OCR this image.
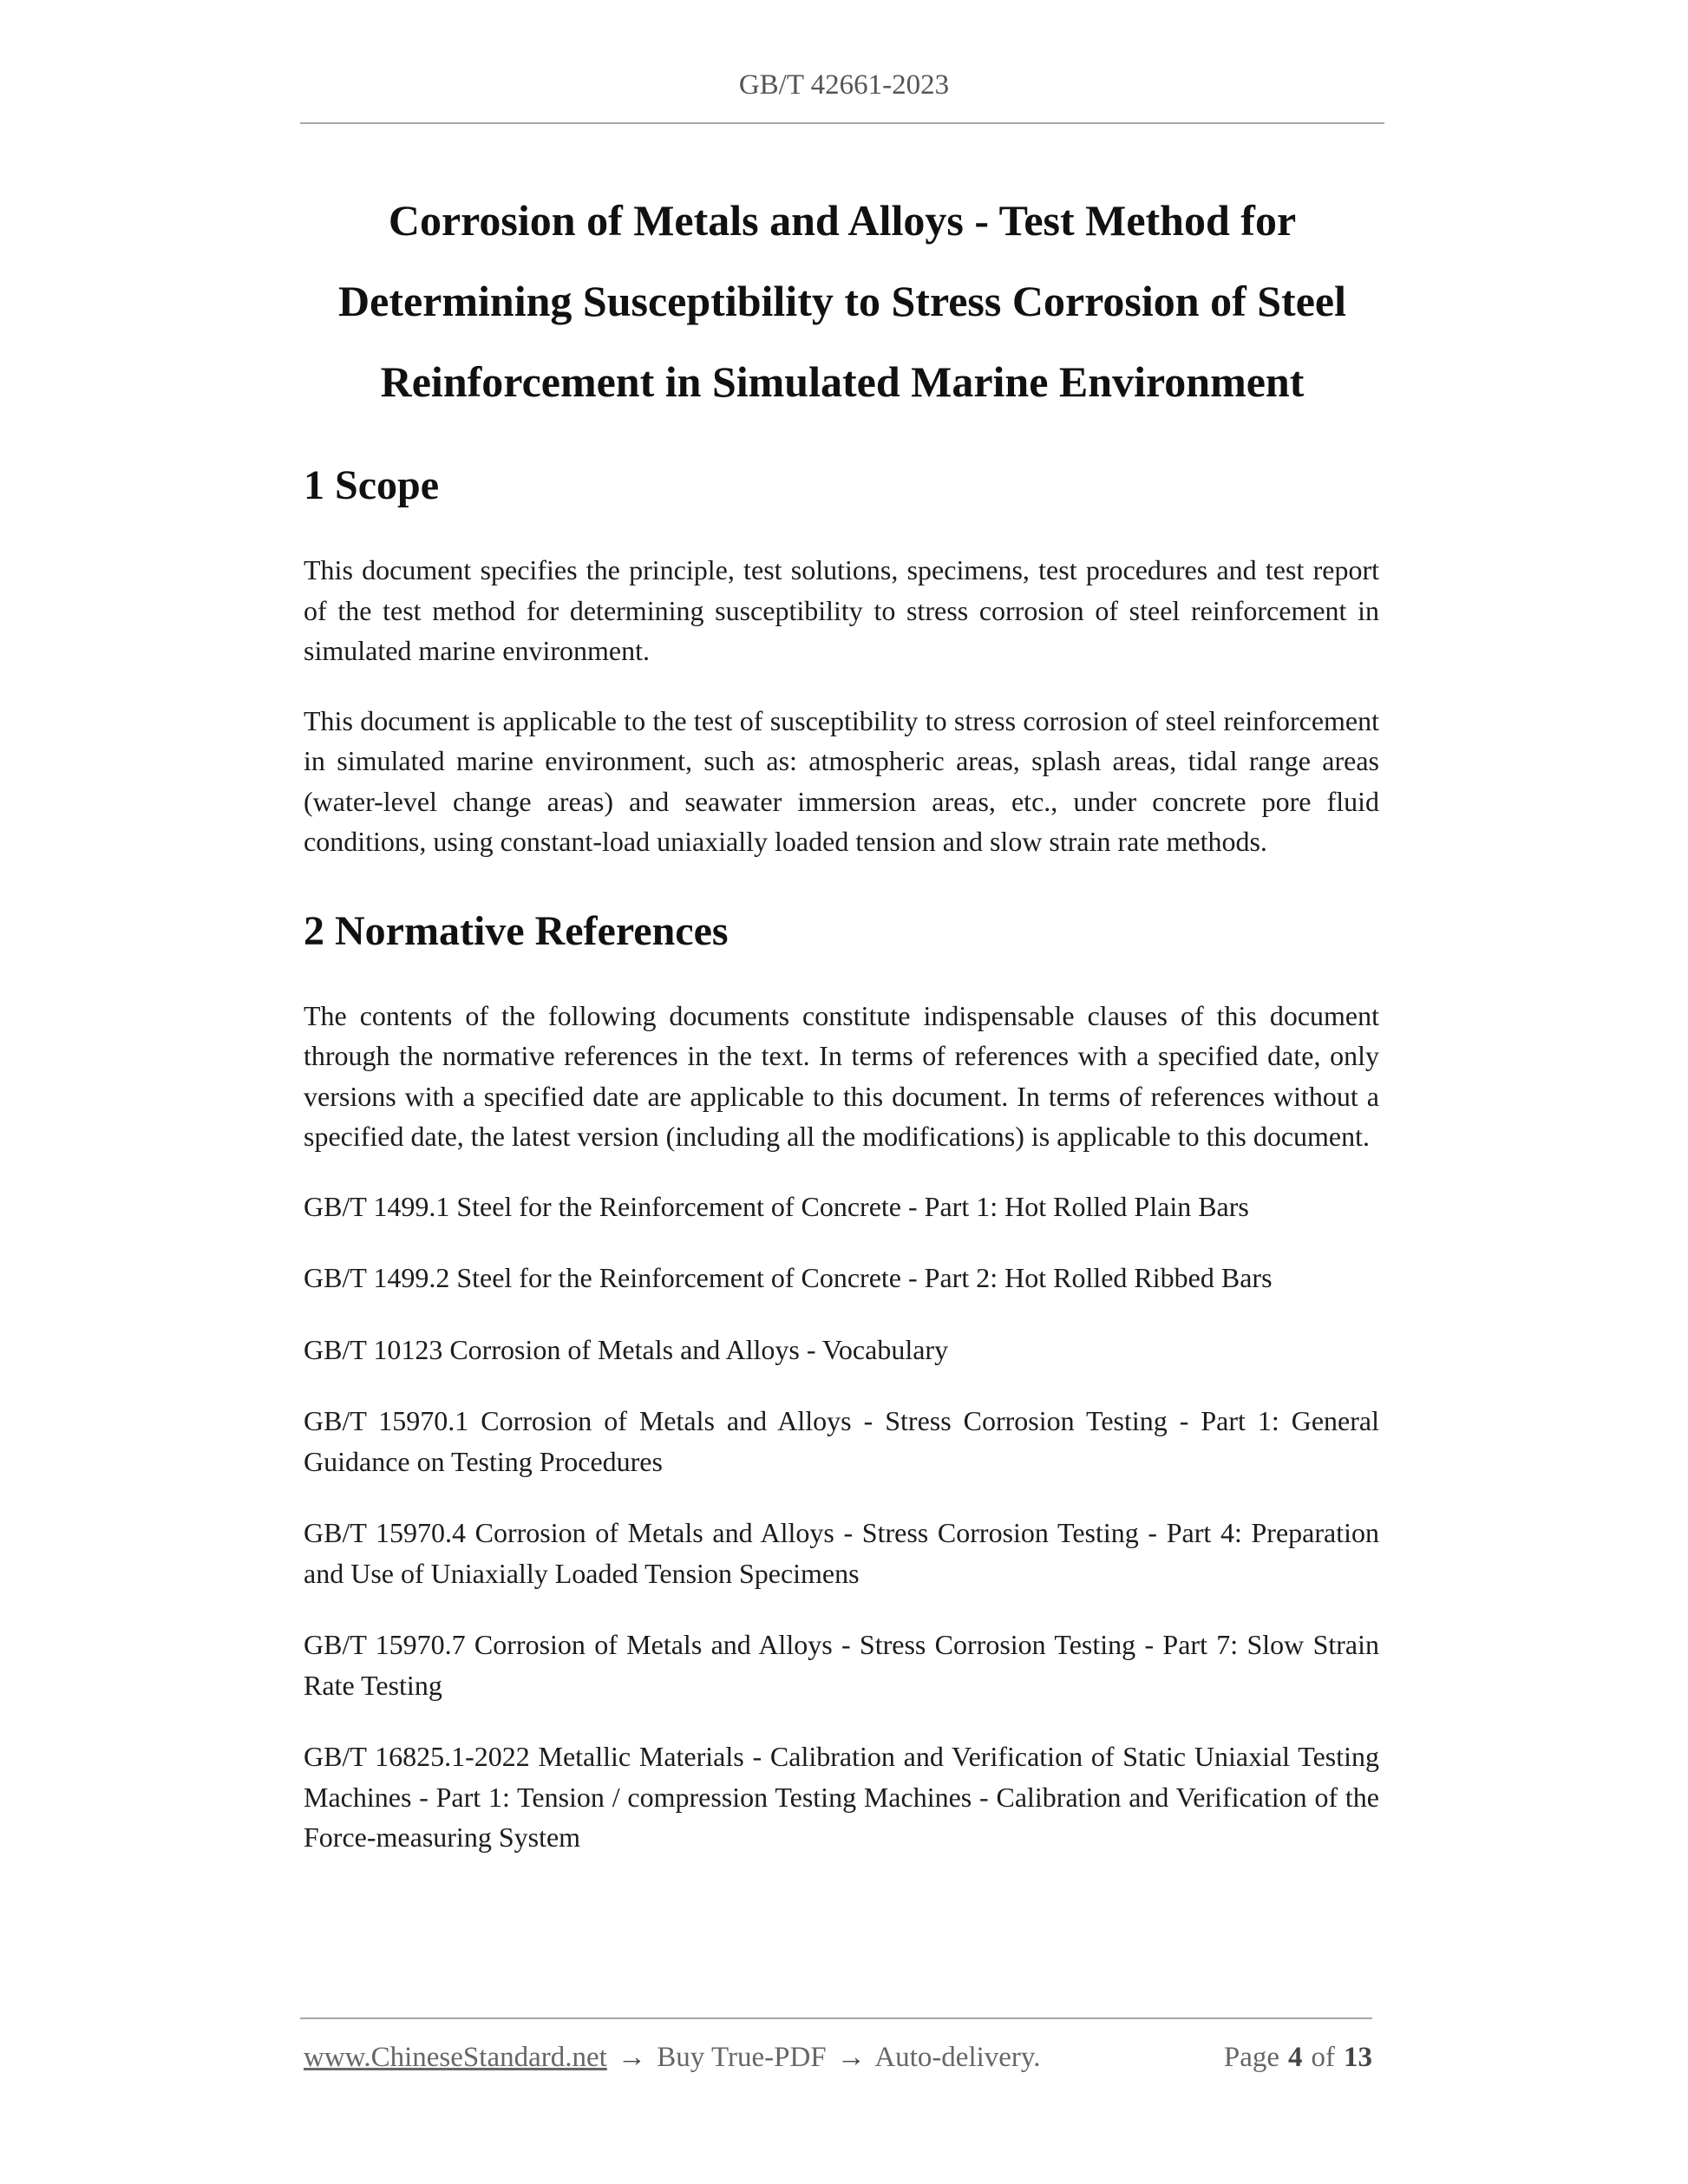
GB/T 42661-2023
Corrosion of Metals and Alloys - Test Method for
Determining Susceptibility to Stress Corrosion of Steel
Reinforcement in Simulated Marine Environment
1 Scope

This document specifies the principle, test solutions, specimens, test procedures and test report of the test method for determining susceptibility to stress corrosion of steel reinforcement in simulated marine environment.

This document is applicable to the test of susceptibility to stress corrosion of steel reinforcement in simulated marine environment, such as: atmospheric areas, splash areas, tidal range areas (water-level change areas) and seawater immersion areas, etc., under concrete pore fluid conditions, using constant-load uniaxially loaded tension and slow strain rate methods.

2 Normative References

The contents of the following documents constitute indispensable clauses of this document through the normative references in the text. In terms of references with a specified date, only versions with a specified date are applicable to this document. In terms of references without a specified date, the latest version (including all the modifications) is applicable to this document.

GB/T 1499.1 Steel for the Reinforcement of Concrete - Part 1: Hot Rolled Plain Bars

GB/T 1499.2 Steel for the Reinforcement of Concrete - Part 2: Hot Rolled Ribbed Bars

GB/T 10123 Corrosion of Metals and Alloys - Vocabulary

GB/T 15970.1 Corrosion of Metals and Alloys - Stress Corrosion Testing - Part 1: General Guidance on Testing Procedures

GB/T 15970.4 Corrosion of Metals and Alloys - Stress Corrosion Testing - Part 4: Preparation and Use of Uniaxially Loaded Tension Specimens

GB/T 15970.7 Corrosion of Metals and Alloys - Stress Corrosion Testing - Part 7: Slow Strain Rate Testing

GB/T 16825.1-2022 Metallic Materials - Calibration and Verification of Static Uniaxial Testing Machines - Part 1: Tension / compression Testing Machines - Calibration and Verification of the Force-measuring System

www.ChineseStandard.net → Buy True-PDF → Auto-delivery.	Page 4 of 13
